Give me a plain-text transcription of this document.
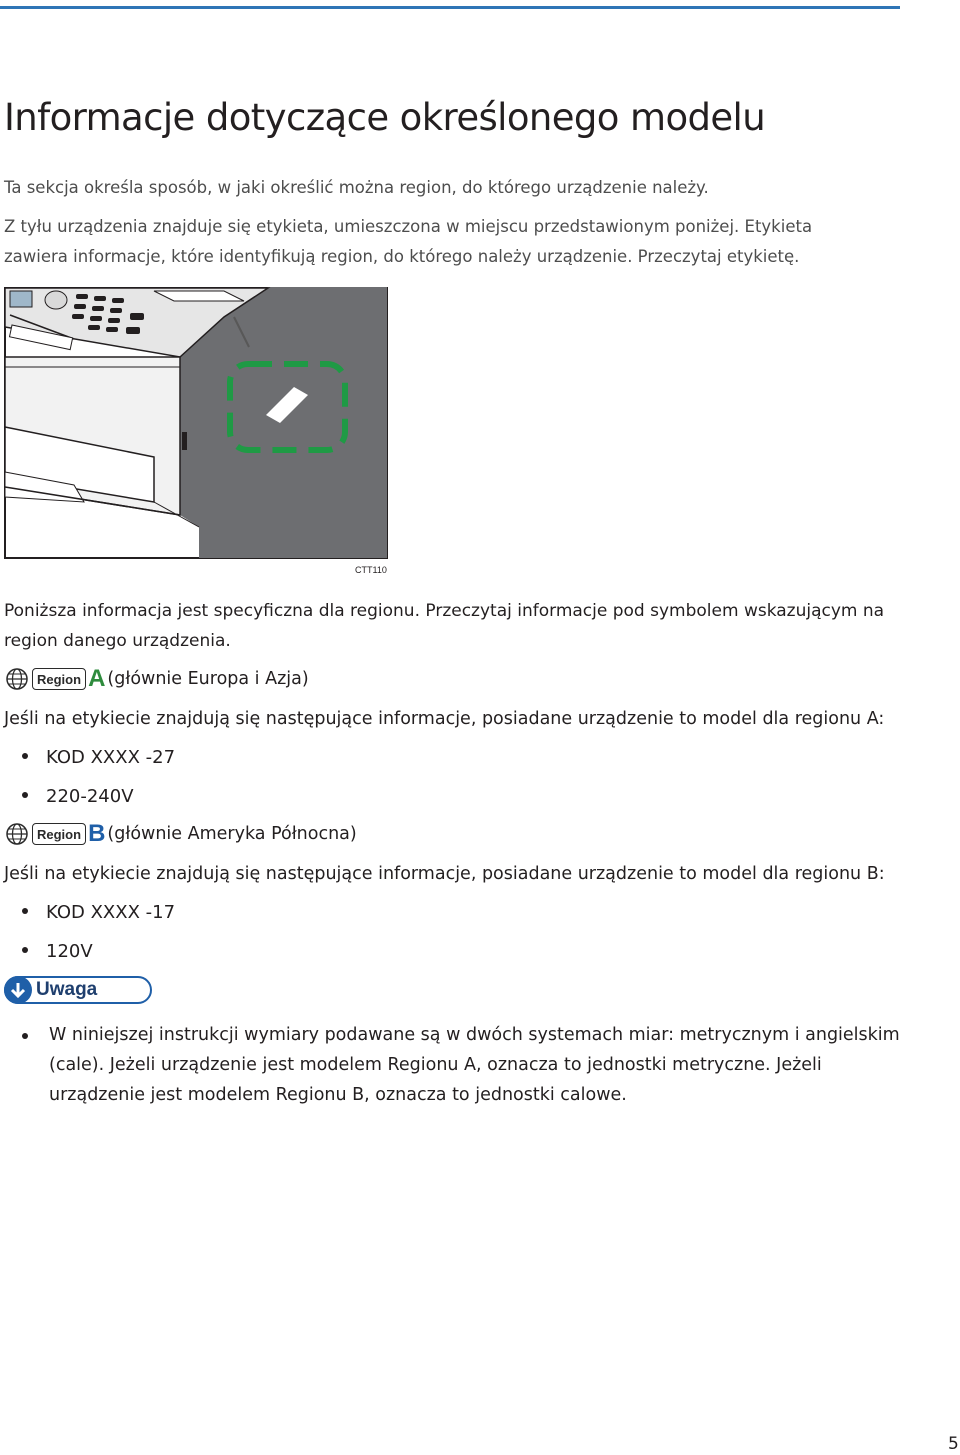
Informacje dotyczące określonego modelu

Ta sekcja określa sposób, w jaki określić można region, do którego urządzenie należy.

Z tyłu urządzenia znajduje się etykieta, umieszczona w miejscu przedstawionym poniżej. Etykieta

zawiera informacje, które identyfikują region, do którego należy urządzenie. Przeczytaj etykietę.

CTT110

Poniższa informacja jest specyficzna dla regionu. Przeczytaj informacje pod symbolem wskazującym na

region danego urządzenia.

Region A (głównie Europa i Azja)

Jeśli na etykiecie znajdują się następujące informacje, posiadane urządzenie to model dla regionu A:

KOD XXXX -27

220-240V

Region B (głównie Ameryka Północna)

Jeśli na etykiecie znajdują się następujące informacje, posiadane urządzenie to model dla regionu B:

KOD XXXX -17

120V

Uwaga
W niniejszej instrukcji wymiary podawane są w dwóch systemach miar: metrycznym i angielskim
(cale). Jeżeli urządzenie jest modelem Regionu A, oznacza to jednostki metryczne. Jeżeli
urządzenie jest modelem Regionu B, oznacza to jednostki calowe.
5
